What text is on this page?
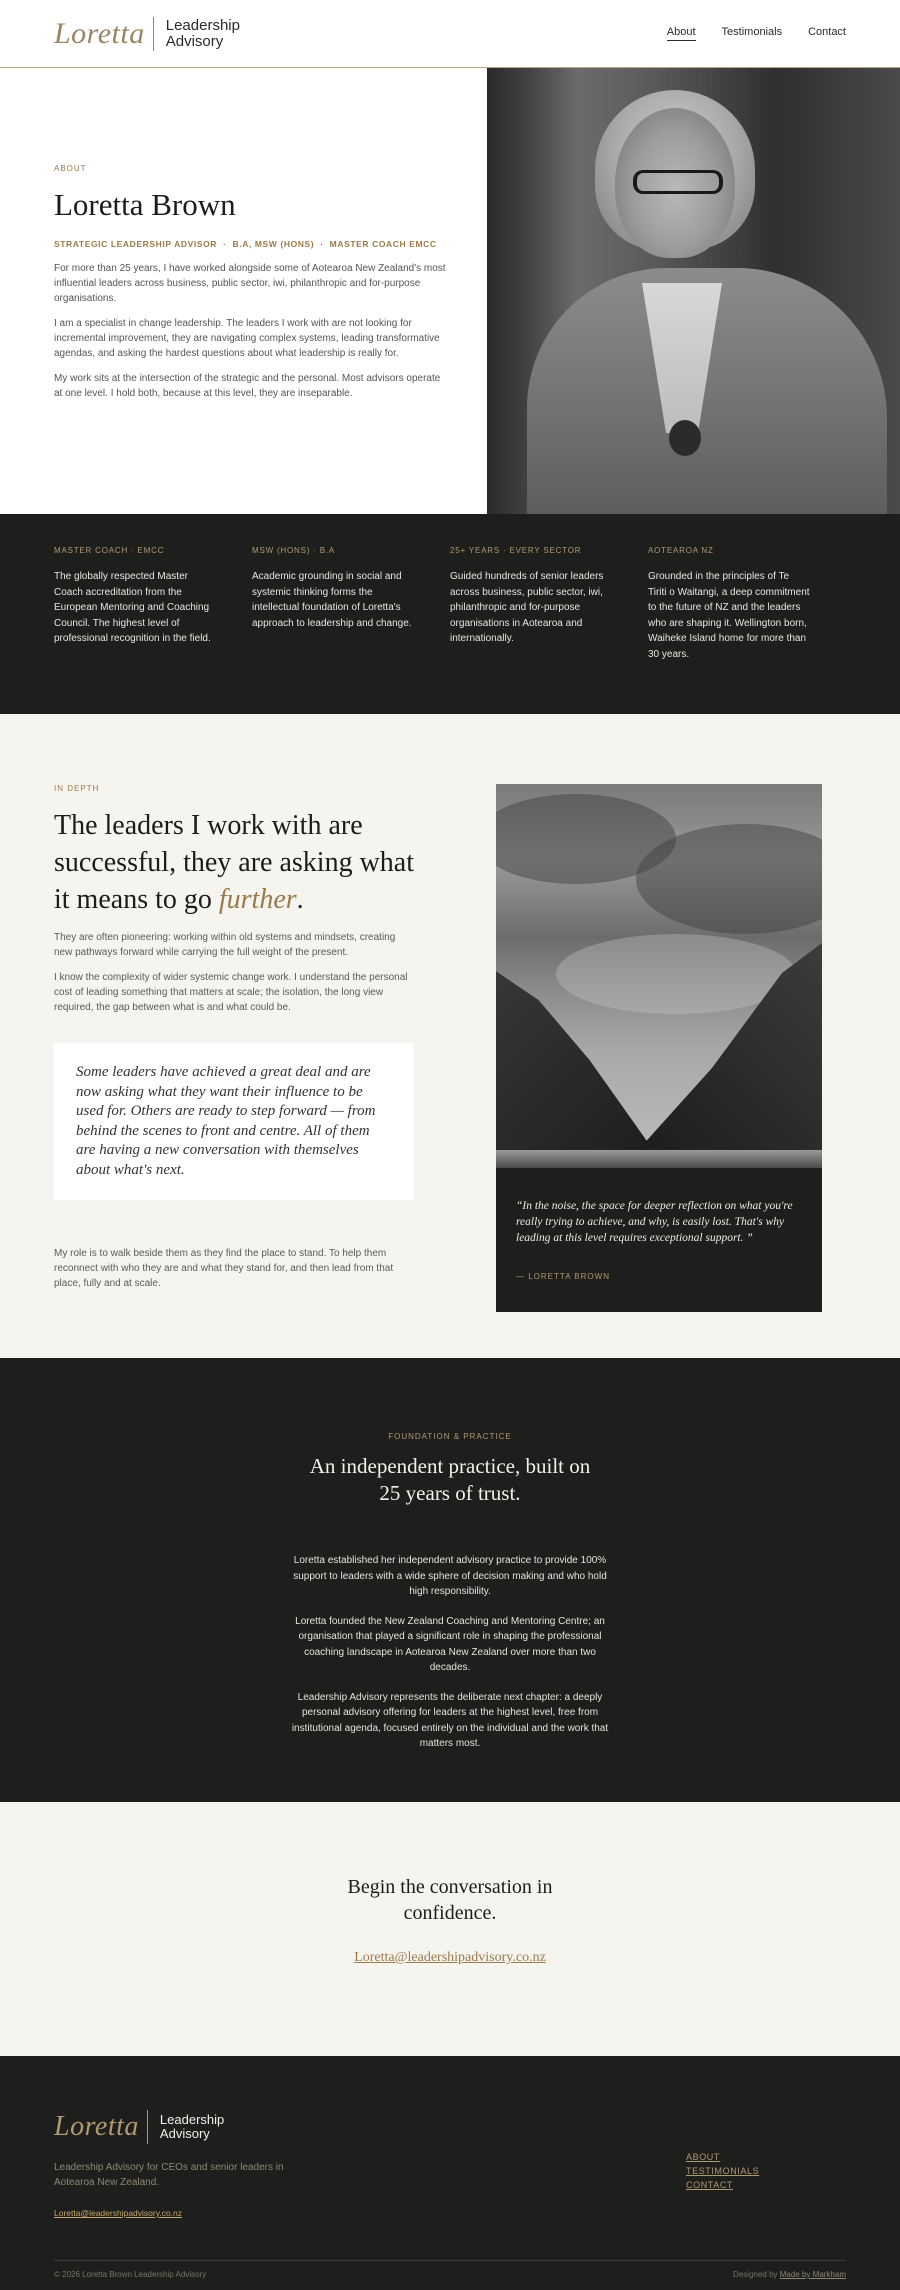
Loretta Leadership
Advisory
About Testimonials Contact
ABOUT
Loretta Brown
STRATEGIC LEADERSHIP ADVISOR · B.A, MSW (HONS) · MASTER COACH EMCC

For more than 25 years, I have worked alongside some of Aotearoa New Zealand's most influential leaders across business, public sector, iwi, philanthropic and for-purpose organisations.

I am a specialist in change leadership. The leaders I work with are not looking for incremental improvement, they are navigating complex systems, leading transformative agendas, and asking the hardest questions about what leadership is really for.

My work sits at the intersection of the strategic and the personal. Most advisors operate at one level. I hold both, because at this level, they are inseparable.

MASTER COACH · EMCC
The globally respected Master Coach accreditation from the European Mentoring and Coaching Council. The highest level of professional recognition in the field.
MSW (HONS) · B.A
Academic grounding in social and systemic thinking forms the intellectual foundation of Loretta's approach to leadership and change.
25+ YEARS · EVERY SECTOR
Guided hundreds of senior leaders across business, public sector, iwi, philanthropic and for-purpose organisations in Aotearoa and internationally.
AOTEAROA NZ
Grounded in the principles of Te Tiriti o Waitangi, a deep commitment to the future of NZ and the leaders who are shaping it. Wellington born, Waiheke Island home for more than 30 years.
IN DEPTH
The leaders I work with are successful, they are asking what it means to go further.

They are often pioneering: working within old systems and mindsets, creating new pathways forward while carrying the full weight of the present.

I know the complexity of wider systemic change work. I understand the personal cost of leading something that matters at scale; the isolation, the long view required, the gap between what is and what could be.

Some leaders have achieved a great deal and are now asking what they want their influence to be used for. Others are ready to step forward — from behind the scenes to front and centre. All of them are having a new conversation with themselves about what's next.

My role is to walk beside them as they find the place to stand. To help them reconnect with who they are and what they stand for, and then lead from that place, fully and at scale.

“In the noise, the space for deeper reflection on what you're really trying to achieve, and why, is easily lost. That's why leading at this level requires exceptional support. ”
— LORETTA BROWN
FOUNDATION & PRACTICE
An independent practice, built on 25 years of trust.

Loretta established her independent advisory practice to provide 100% support to leaders with a wide sphere of decision making and who hold high responsibility.

Loretta founded the New Zealand Coaching and Mentoring Centre; an organisation that played a significant role in shaping the professional coaching landscape in Aotearoa New Zealand over more than two decades.

Leadership Advisory represents the deliberate next chapter: a deeply personal advisory offering for leaders at the highest level, free from institutional agenda, focused entirely on the individual and the work that matters most.

Begin the conversation in confidence.
Loretta@leadershipadvisory.co.nz
Loretta Leadership
Advisory

Leadership Advisory for CEOs and senior leaders in Aotearoa New Zealand.

Loretta@leadershipadvisory.co.nz
ABOUT
TESTIMONIALS
CONTACT
© 2026 Loretta Brown Leadership Advisory	Designed by Made by Markham
